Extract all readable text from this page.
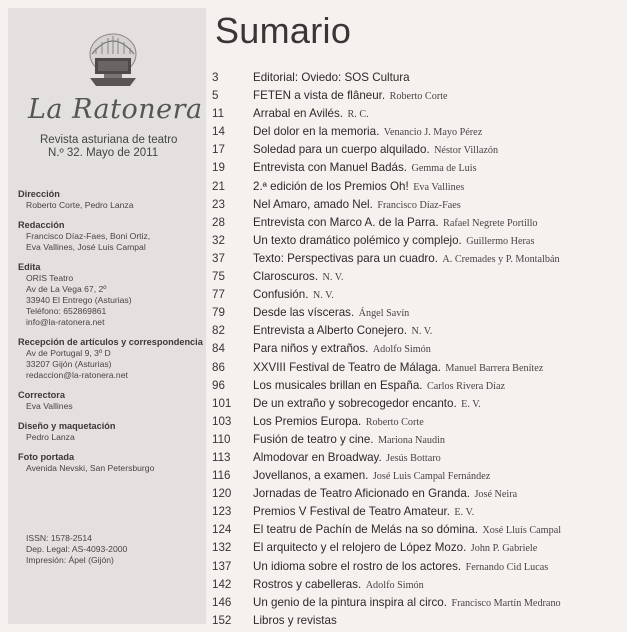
La Ratonera
Revista asturiana de teatro
N.º 32. Mayo de 2011
Dirección
Roberto Corte, Pedro Lanza
Redacción
Francisco Díaz-Faes, Boni Ortiz,
Eva Vallines, José Luis Campal
Edita
ORIS Teatro
Av de La Vega 67, 2º
33940 El Entrego (Asturias)
Teléfono: 652869861
info@la-ratonera.net
Recepción de artículos y correspondencia
Av de Portugal 9, 3º D
33207 Gijón (Asturias)
redaccion@la-ratonera.net
Correctora
Eva Vallines
Diseño y maquetación
Pedro Lanza
Foto portada
Avenida Nevski, San Petersburgo
ISSN: 1578-2514
Dep. Legal: AS-4093-2000
Impresión: Ápel (Gijón)
Sumario
3	Editorial: Oviedo: SOS Cultura
5	FETEN a vista de flâneur. Roberto Corte
11	Arrabal en Avilés. R. C.
14	Del dolor en la memoria. Venancio J. Mayo Pérez
17	Soledad para un cuerpo alquilado. Néstor Villazón
19	Entrevista con Manuel Badás. Gemma de Luis
21	2.ª edición de los Premios Oh! Eva Vallines
23	Nel Amaro, amado Nel. Francisco Díaz-Faes
28	Entrevista con Marco A. de la Parra. Rafael Negrete Portillo
32	Un texto dramático polémico y complejo. Guillermo Heras
37	Texto: Perspectivas para un cuadro. A. Cremades y P. Montalbán
75	Claroscuros. N. V.
77	Confusión. N. V.
79	Desde las vísceras. Ángel Savín
82	Entrevista a Alberto Conejero. N. V.
84	Para niños y extraños. Adolfo Simón
86	XXVIII Festival de Teatro de Málaga. Manuel Barrera Benítez
96	Los musicales brillan en España. Carlos Rivera Díaz
101	De un extraño y sobrecogedor encanto. E. V.
103	Los Premios Europa. Roberto Corte
110	Fusión de teatro y cine. Mariona Naudin
113	Almodovar en Broadway. Jesús Bottaro
116	Jovellanos, a examen. José Luis Campal Fernández
120	Jornadas de Teatro Aficionado en Granda. José Neira
123	Premios V Festival de Teatro Amateur. E. V.
124	El teatru de Pachín de Melás na so dómina. Xosé Lluís Campal
132	El arquitecto y el relojero de López Mozo. John P. Gabriele
137	Un idioma sobre el rostro de los actores. Fernando Cid Lucas
142	Rostros y cabelleras. Adolfo Simón
146	Un genio de la pintura inspira al circo. Francisco Martín Medrano
152	Libros y revistas
